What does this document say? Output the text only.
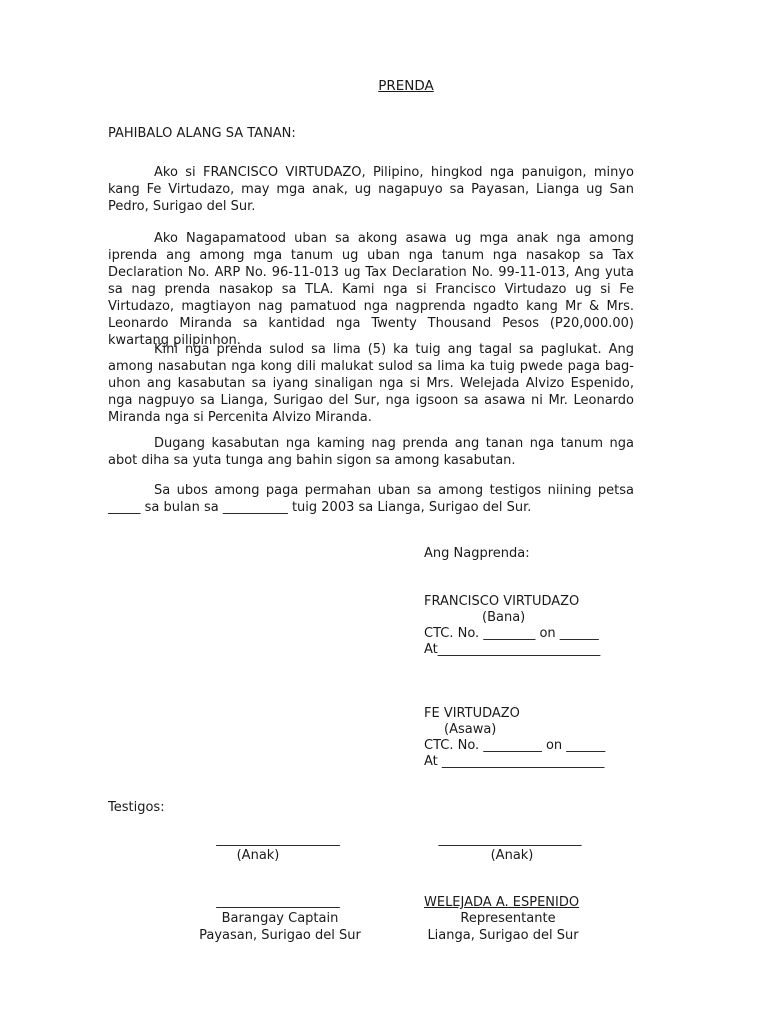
PRENDA
PAHIBALO ALANG SA TANAN:

Ako si FRANCISCO VIRTUDAZO, Pilipino, hingkod nga panuigon, minyo kang Fe Virtudazo, may mga anak, ug nagapuyo sa Payasan, Lianga ug San Pedro, Surigao del Sur.

Ako Nagapamatood uban sa akong asawa ug mga anak nga among iprenda ang among mga tanum ug uban nga tanum nga nasakop sa Tax Declaration No. ARP No. 96-11-013 ug Tax Declaration No. 99-11-013, Ang yuta sa nag prenda nasakop sa TLA. Kami nga si Francisco Virtudazo ug si Fe Virtudazo, magtiayon nag pamatuod nga nagprenda ngadto kang Mr & Mrs. Leonardo Miranda sa kantidad nga Twenty Thousand Pesos (P20,000.00) kwartang pilipinhon.

Kini nga prenda sulod sa lima (5) ka tuig ang tagal sa paglukat. Ang among nasabutan nga kong dili malukat sulod sa lima ka tuig pwede paga bag-uhon ang kasabutan sa iyang sinaligan nga si Mrs. Welejada Alvizo Espenido, nga nagpuyo sa Lianga, Surigao del Sur, nga igsoon sa asawa ni Mr. Leonardo Miranda nga si Percenita Alvizo Miranda.

Dugang kasabutan nga kaming nag prenda ang tanan nga tanum nga abot diha sa yuta tunga ang bahin sigon sa among kasabutan.

Sa ubos among paga permahan uban sa among testigos niining petsa _____ sa bulan sa __________ tuig 2003 sa Lianga, Surigao del Sur.

Ang Nagprenda:
FRANCISCO VIRTUDAZO
(Bana)
CTC. No. ________ on ______
At_________________________
FE VIRTUDAZO
(Asawa)
CTC. No. _________ on ______
At _________________________
Testigos:
___________________
(Anak)
______________________
(Anak)
___________________
Barangay Captain
Payasan, Surigao del Sur
WELEJADA A. ESPENIDO
Representante
Lianga, Surigao del Sur
